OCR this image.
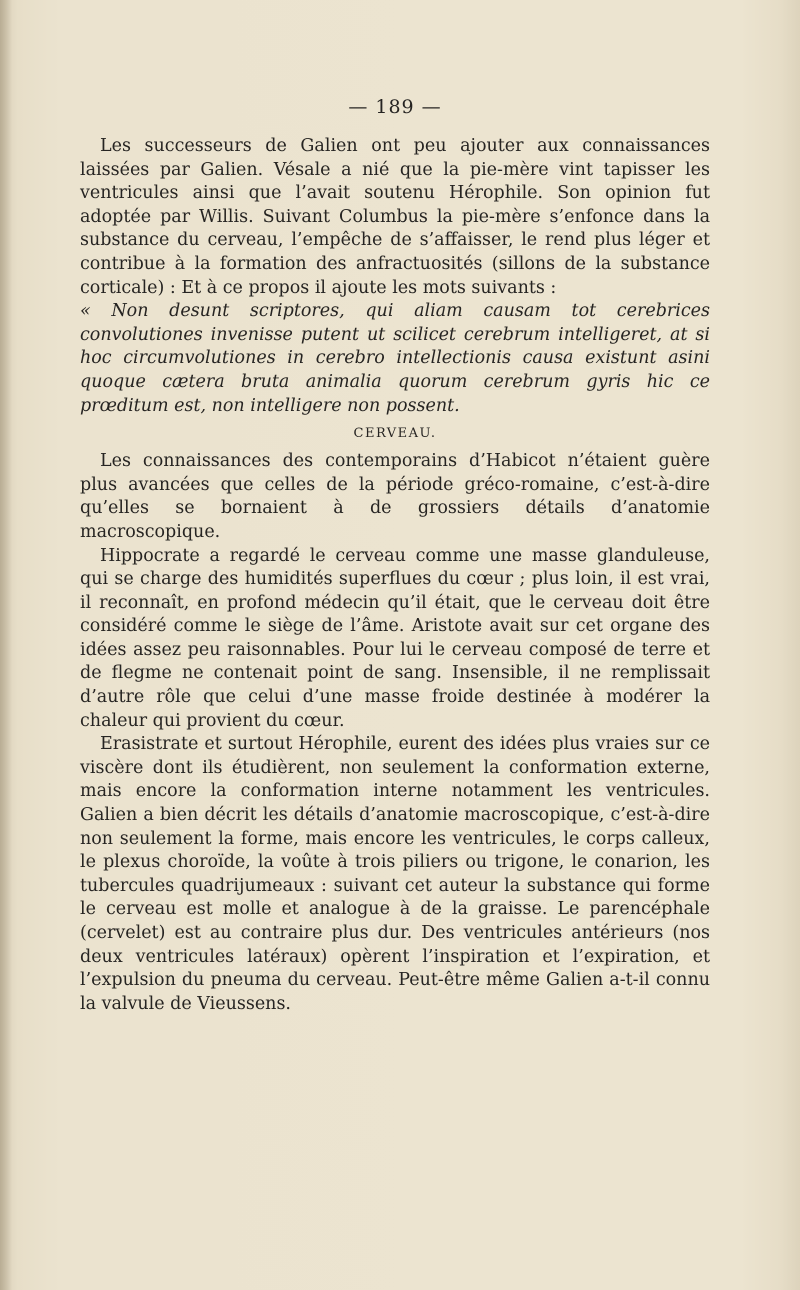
— 189 —

Les successeurs de Galien ont peu ajouter aux connaissances laissées par Galien. Vésale a nié que la pie-mère vint tapisser les ventricules ainsi que l’avait soutenu Hérophile. Son opinion fut adoptée par Willis. Suivant Columbus la pie-mère s’enfonce dans la substance du cerveau, l’empêche de s’affaisser, le rend plus léger et contribue à la formation des anfractuosités (sillons de la substance corticale) : Et à ce propos il ajoute les mots suivants :

« Non desunt scriptores, qui aliam causam tot cerebrices convolutiones invenisse putent ut scilicet cerebrum intelligeret, at si hoc circumvolutiones in cerebro intellectionis causa existunt asini quoque cætera bruta animalia quorum cerebrum gyris hic ce prœditum est, non intelligere non possent.

CERVEAU.

Les connaissances des contemporains d’Habicot n’étaient guère plus avancées que celles de la période gréco-romaine, c’est-à-dire qu’elles se bornaient à de grossiers détails d’anatomie macroscopique.

Hippocrate a regardé le cerveau comme une masse glanduleuse, qui se charge des humidités superflues du cœur ; plus loin, il est vrai, il reconnaît, en profond médecin qu’il était, que le cerveau doit être considéré comme le siège de l’âme. Aristote avait sur cet organe des idées assez peu raisonnables. Pour lui le cerveau composé de terre et de flegme ne contenait point de sang. Insensible, il ne remplissait d’autre rôle que celui d’une masse froide destinée à modérer la chaleur qui provient du cœur.

Erasistrate et surtout Hérophile, eurent des idées plus vraies sur ce viscère dont ils étudièrent, non seulement la conformation externe, mais encore la conformation interne notamment les ventricules. Galien a bien décrit les détails d’anatomie macroscopique, c’est-à-dire non seulement la forme, mais encore les ventricules, le corps calleux, le plexus choroïde, la voûte à trois piliers ou trigone, le conarion, les tubercules quadrijumeaux : suivant cet auteur la substance qui forme le cerveau est molle et analogue à de la graisse. Le parencéphale (cervelet) est au contraire plus dur. Des ventricules antérieurs (nos deux ventricules latéraux) opèrent l’inspiration et l’expiration, et l’expulsion du pneuma du cerveau. Peut-être même Galien a-t-il connu la valvule de Vieussens.
